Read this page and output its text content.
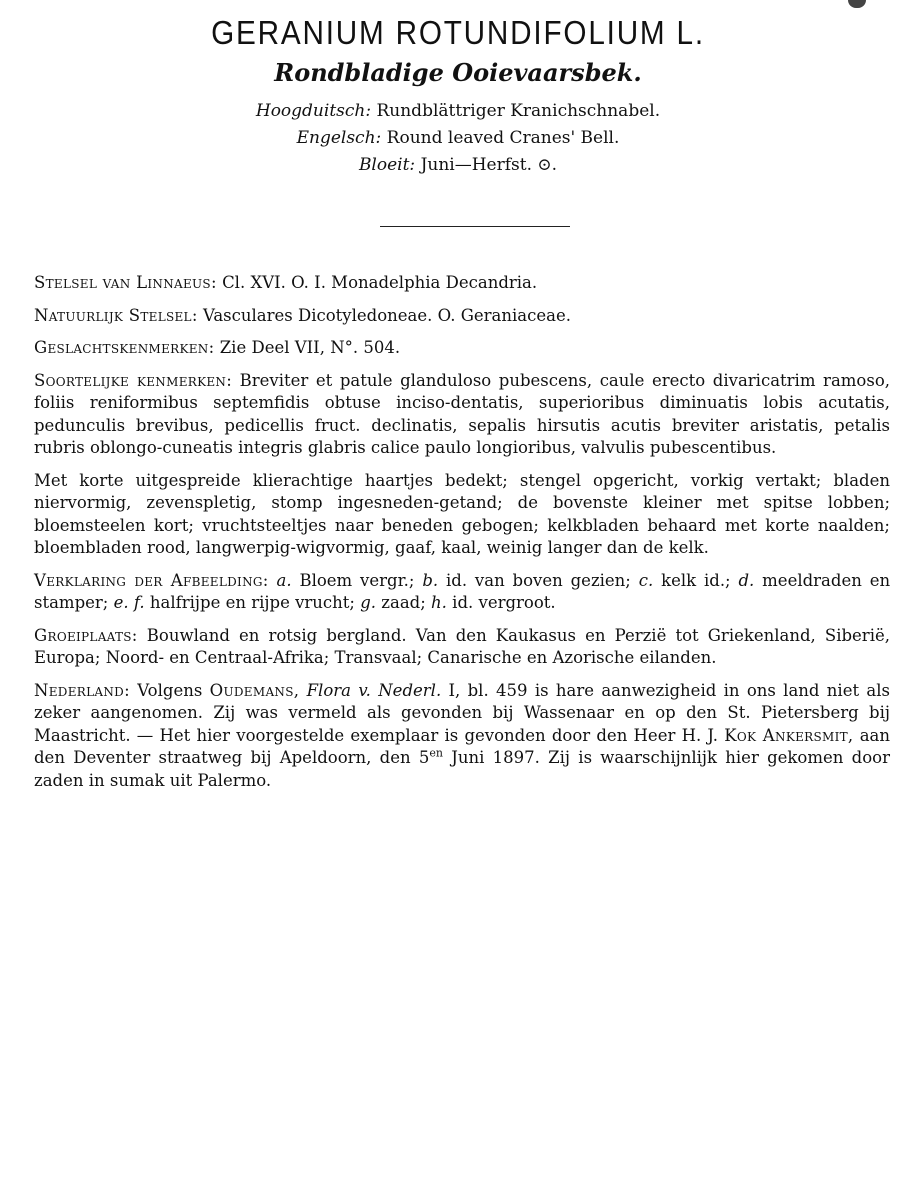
GERANIUM ROTUNDIFOLIUM L.
Rondbladige Ooievaarsbek.
Hoogduitsch: Rundblättriger Kranichschnabel.
Engelsch: Round leaved Cranes' Bell.
Bloeit: Juni—Herfst. ⊙.

Stelsel van Linnaeus: Cl. XVI. O. I. Monadelphia Decandria.

Natuurlijk Stelsel: Vasculares Dicotyledoneae. O. Geraniaceae.

Geslachtskenmerken: Zie Deel VII, N°. 504.

Soortelijke kenmerken: Breviter et patule glanduloso pubescens, caule erecto divaricatrim ramoso, foliis reniformibus septemfidis obtuse inciso-dentatis, superioribus diminuatis lobis acutatis, pedunculis brevibus, pedicellis fruct. declinatis, sepalis hirsutis acutis breviter aristatis, petalis rubris oblongo-cuneatis integris glabris calice paulo longioribus, valvulis pubescentibus.

Met korte uitgespreide klierachtige haartjes bedekt; stengel opgericht, vorkig vertakt; bladen niervormig, zevenspletig, stomp ingesneden-getand; de bovenste kleiner met spitse lobben; bloemsteelen kort; vruchtsteeltjes naar beneden gebogen; kelkbladen behaard met korte naalden; bloembladen rood, langwerpig-wigvormig, gaaf, kaal, weinig langer dan de kelk.

Verklaring der Afbeelding: a. Bloem vergr.; b. id. van boven gezien; c. kelk id.; d. meeldraden en stamper; e. f. halfrijpe en rijpe vrucht; g. zaad; h. id. vergroot.

Groeiplaats: Bouwland en rotsig bergland. Van den Kaukasus en Perzië tot Griekenland, Siberië, Europa; Noord- en Centraal-Afrika; Transvaal; Canarische en Azorische eilanden.

Nederland: Volgens Oudemans, Flora v. Nederl. I, bl. 459 is hare aanwezigheid in ons land niet als zeker aangenomen. Zij was vermeld als gevonden bij Wassenaar en op den St. Pietersberg bij Maastricht. — Het hier voorgestelde exemplaar is gevonden door den Heer H. J. Kok Ankersmit, aan den Deventer straatweg bij Apeldoorn, den $5^{en}$ Juni 1897. Zij is waarschijnlijk hier gekomen door zaden in sumak uit Palermo.
